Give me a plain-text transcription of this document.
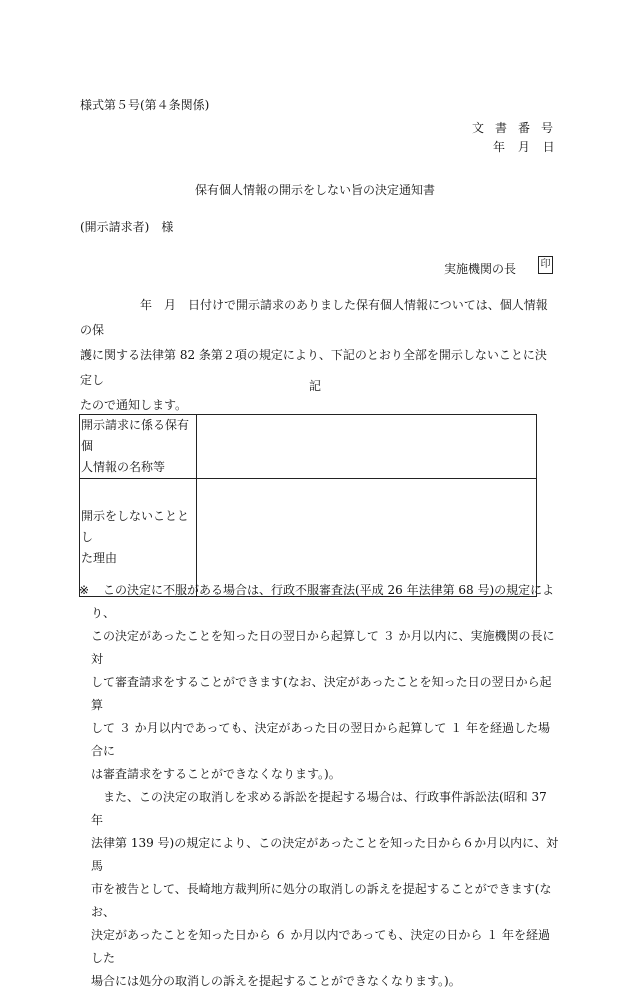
様式第５号(第４条関係)
文書番号
年 月 日
保有個人情報の開示をしない旨の決定通知書
(開示請求者)　様
実施機関の長 印

　　　　　年　月　日付けで開示請求のありました保有個人情報については、個人情報の保

護に関する法律第 82 条第２項の規定により、下記のとおり全部を開示しないことに決定し

たので通知します。

記
開示請求に係る保有個
人情報の名称等	

開示をしないこととし
た理由	

※ 　この決定に不服がある場合は、行政不服審査法(平成 26 年法律第 68 号)の規定により、

この決定があったことを知った日の翌日から起算して ３ か月以内に、実施機関の長に対

して審査請求をすることができます(なお、決定があったことを知った日の翌日から起算

して ３ か月以内であっても、決定があった日の翌日から起算して １ 年を経過した場合に

は審査請求をすることができなくなります。)。

　また、この決定の取消しを求める訴訟を提起する場合は、行政事件訴訟法(昭和 37 年

法律第 139 号)の規定により、この決定があったことを知った日から６か月以内に、対馬

市を被告として、長崎地方裁判所に処分の取消しの訴えを提起することができます(なお、

決定があったことを知った日から ６ か月以内であっても、決定の日から １ 年を経過した

場合には処分の取消しの訴えを提起することができなくなります。)。
